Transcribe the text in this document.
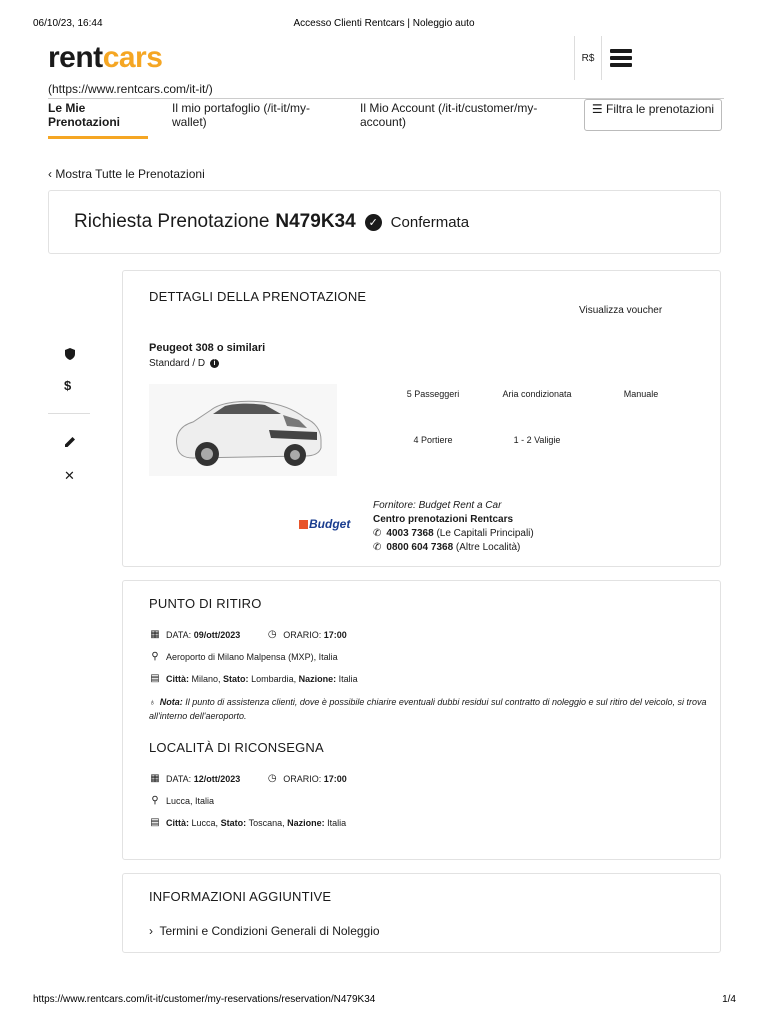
06/10/23, 16:44	Accesso Clienti Rentcars | Noleggio auto
rentcars
(https://www.rentcars.com/it-it/)
R$
Le Mie Prenotazioni
Il mio portafoglio (/it-it/my-wallet)
Il Mio Account (/it-it/customer/my-account)
☰ Filtra le prenotazioni
‹ Mostra Tutte le Prenotazioni
Richiesta Prenotazione N479K34	✓ Confermata
$
✕
DETTAGLI DELLA PRENOTAZIONE
Visualizza voucher
Peugeot 308 o similari
Standard / D i
5 Passeggeri	Aria condizionata	Manuale
4 Portiere	1 - 2 Valigie
Budget
Fornitore: Budget Rent a Car
Centro prenotazioni Rentcars
✆ 4003 7368 (Le Capitali Principali)
✆ 0800 604 7368 (Altre Località)
PUNTO DI RITIRO
▦ DATA:
09/ott/2023	◷ ORARIO:
17:00
⚲ Aeroporto di Milano Malpensa (MXP), Italia
▤ Città:
Milano,
Stato:
Lombardia,
Nazione:
Italia
♁ Nota: Il punto di assistenza clienti, dove è possibile chiarire eventuali dubbi residui sul contratto di noleggio e sul ritiro del veicolo, si trova all'interno dell'aeroporto.
LOCALITÀ DI RICONSEGNA
▦ DATA:
12/ott/2023	◷ ORARIO:
17:00
⚲ Lucca, Italia
▤ Città:
Lucca,
Stato:
Toscana,
Nazione:
Italia
INFORMAZIONI AGGIUNTIVE
› Termini e Condizioni Generali di Noleggio
https://www.rentcars.com/it-it/customer/my-reservations/reservation/N479K34	1/4
